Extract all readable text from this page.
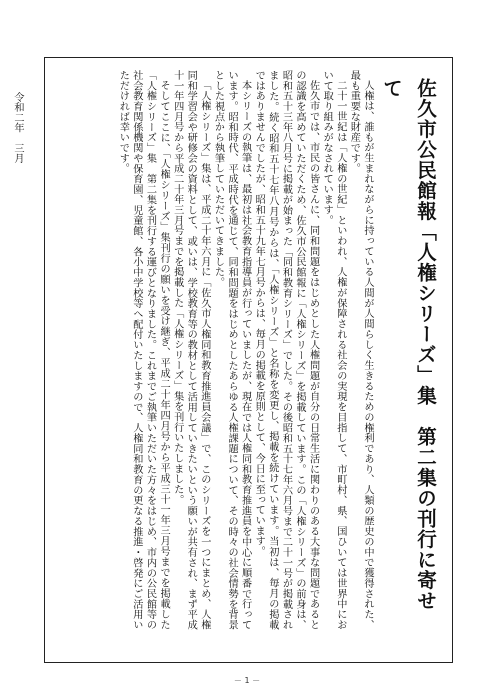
佐久市公民館報「人権シリーズ」集　第二集の刊行に寄せて

人権は、誰もが生まれながらに持っている人間が人間らしく生きるための権利であり、人類の歴史の中で獲得された、最も重要な財産です。

二十一世紀は「人権の世紀」といわれ、人権が保障される社会の実現を目指して、市町村、県、国ひいては世界中において取り組みがなされています。

佐久市では、市民の皆さんに、同和問題をはじめとした人権問題が自分の日常生活に関わりのある大事な問題であるとの認識を高めていただくため、佐久市公民館報に「人権シリーズ」を掲載しています。この「人権シリーズ」の前身は、昭和五十三年八月号に掲載が始まった「同和教育シリーズ」でした。その後昭和五十七年六月号まで二十一号が掲載されました。続く昭和五十七年八月号からは、「人権シリーズ」と名称を変更し、掲載を続けています。当初は、毎月の掲載ではありませんでしたが、昭和五十九年七月号からは、毎月の掲載を原則として、今日に至っています。

本シリーズの執筆は、最初は社会教育指導員が行っていましたが、現在では人権同和教育推進員を中心に順番で行っています。昭和時代、平成時代を通じて、同和問題をはじめとしたあらゆる人権課題について、その時々の社会情勢を背景とした視点から執筆していただいてきました。

「人権シリーズ」集は、平成二十年六月に「佐久市人権同和教育推進員会議」で、このシリーズを一つにまとめ、人権同和学習会や研修会の資料として、或いは、学校教育等の教材として活用していきたいという願いが共有され、まず平成十一年四月号から平成二十年三月号までを掲載した「人権シリーズ」集を刊行いたしました。

そしてここに、「人権シリーズ」集刊行の願いを受け継ぎ、平成二十年四月号から平成三十一年三月号までを掲載した「人権シリーズ」集　第二集を刊行する運びとなりました。これまでご執筆いただいた方々をはじめ、市内の公民館等の社会教育関係機関や保育園、児童館、各小中学校等へ配付いたしますので、人権同和教育の更なる推進・啓発にご活用いただければ幸いです。

令和二年　三月
－ 1 －
